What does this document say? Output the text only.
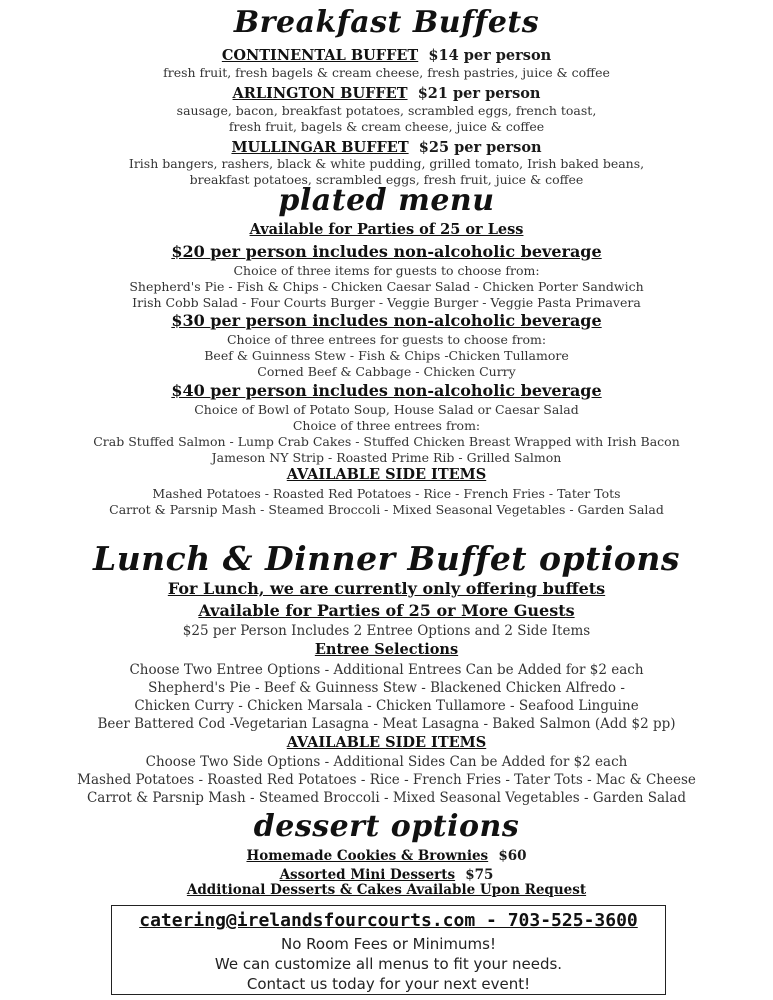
Breakfast Buffets
CONTINENTAL BUFFET $14 per person
fresh fruit, fresh bagels & cream cheese, fresh pastries, juice & coffee
ARLINGTON BUFFET $21 per person
sausage, bacon, breakfast potatoes, scrambled eggs, french toast,
fresh fruit, bagels & cream cheese, juice & coffee
MULLINGAR BUFFET $25 per person
Irish bangers, rashers, black & white pudding, grilled tomato, Irish baked beans,
breakfast potatoes, scrambled eggs, fresh fruit, juice & coffee
plated menu
Available for Parties of 25 or Less
$20 per person includes non-alcoholic beverage
Choice of three items for guests to choose from:
Shepherd's Pie - Fish & Chips - Chicken Caesar Salad - Chicken Porter Sandwich
Irish Cobb Salad - Four Courts Burger - Veggie Burger - Veggie Pasta Primavera
$30 per person includes non-alcoholic beverage
Choice of three entrees for guests to choose from:
Beef & Guinness Stew - Fish & Chips -Chicken Tullamore
Corned Beef & Cabbage - Chicken Curry
$40 per person includes non-alcoholic beverage
Choice of Bowl of Potato Soup, House Salad or Caesar Salad
Choice of three entrees from:
Crab Stuffed Salmon - Lump Crab Cakes - Stuffed Chicken Breast Wrapped with Irish Bacon
Jameson NY Strip - Roasted Prime Rib - Grilled Salmon
AVAILABLE SIDE ITEMS
Mashed Potatoes - Roasted Red Potatoes - Rice - French Fries - Tater Tots
Carrot & Parsnip Mash - Steamed Broccoli - Mixed Seasonal Vegetables - Garden Salad
Lunch & Dinner Buffet options
For Lunch, we are currently only offering buffets
Available for Parties of 25 or More Guests
$25 per Person Includes 2 Entree Options and 2 Side Items
Entree Selections
Choose Two Entree Options - Additional Entrees Can be Added for $2 each
Shepherd's Pie - Beef & Guinness Stew - Blackened Chicken Alfredo -
Chicken Curry - Chicken Marsala - Chicken Tullamore - Seafood Linguine
Beer Battered Cod -Vegetarian Lasagna - Meat Lasagna - Baked Salmon (Add $2 pp)
AVAILABLE SIDE ITEMS
Choose Two Side Options - Additional Sides Can be Added for $2 each
Mashed Potatoes - Roasted Red Potatoes - Rice - French Fries - Tater Tots - Mac & Cheese
Carrot & Parsnip Mash - Steamed Broccoli - Mixed Seasonal Vegetables - Garden Salad
dessert options
Homemade Cookies & Brownies $60
Assorted Mini Desserts $75
Additional Desserts & Cakes Available Upon Request
catering@irelandsfourcourts.com - 703-525-3600
No Room Fees or Minimums!
We can customize all menus to fit your needs.
Contact us today for your next event!
